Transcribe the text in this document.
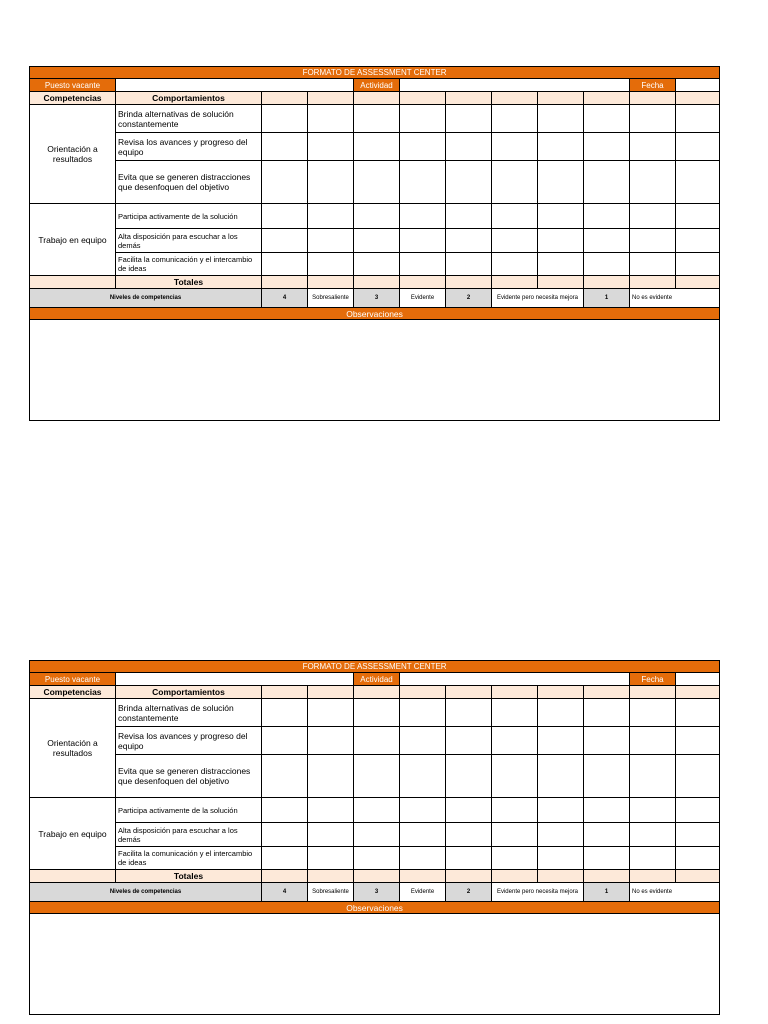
FORMATO DE ASSESSMENT CENTER											
Puesto vacante				Actividad						Fecha	
Competencias	Comportamientos										
Orientación a resultados	Brinda alternativas de solución constantemente										
	Revisa los avances y progreso del equipo										
	Evita que se generen distracciones que desenfoquen del objetivo										
Trabajo en equipo	Participa activamente de la solución										
	Alta disposición para escuchar a los demás										
	Facilita la comunicación y el intercambio de ideas										
	Totales										
Niveles de competencias		4	Sobresaliente	3	Evidente	2	Evidente pero necesita mejora		1	No es evidente	
Observaciones											

FORMATO DE ASSESSMENT CENTER											
Puesto vacante				Actividad						Fecha	
Competencias	Comportamientos										
Orientación a resultados	Brinda alternativas de solución constantemente										
	Revisa los avances y progreso del equipo										
	Evita que se generen distracciones que desenfoquen del objetivo										
Trabajo en equipo	Participa activamente de la solución										
	Alta disposición para escuchar a los demás										
	Facilita la comunicación y el intercambio de ideas										
	Totales										
Niveles de competencias		4	Sobresaliente	3	Evidente	2	Evidente pero necesita mejora		1	No es evidente	
Observaciones											
